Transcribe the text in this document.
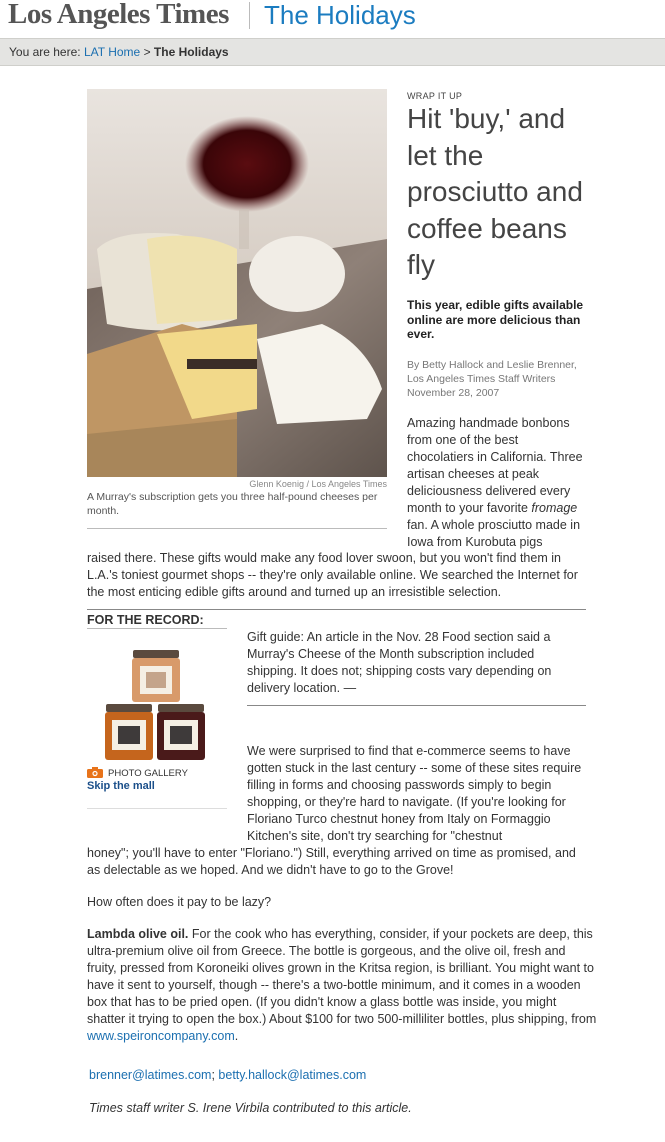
Los Angeles Times The Holidays
You are here: LAT Home > The Holidays
Glenn Koenig / Los Angeles Times
A Murray's subscription gets you three half-pound cheeses per month.
WRAP IT UP
Hit 'buy,' and let the prosciutto and coffee beans fly
This year, edible gifts available online are more delicious than ever.
By Betty Hallock and Leslie Brenner,
Los Angeles Times Staff Writers
November 28, 2007
Amazing handmade bonbons from one of the best chocolatiers in California. Three artisan cheeses at peak deliciousness delivered every month to your favorite fromage fan. A whole prosciutto made in Iowa from Kurobuta pigs
raised there. These gifts would make any food lover swoon, but you won't find them in L.A.'s toniest gourmet shops -- they're only available online. We searched the Internet for the most enticing edible gifts around and turned up an irresistible selection.
FOR THE RECORD:
Gift guide: An article in the Nov. 28 Food section said a Murray's Cheese of the Month subscription included shipping. It does not; shipping costs vary depending on delivery location. —
PHOTO GALLERY
Skip the mall
We were surprised to find that e-commerce seems to have gotten stuck in the last century -- some of these sites require filling in forms and choosing passwords simply to begin shopping, or they're hard to navigate. (If you're looking for Floriano Turco chestnut honey from Italy on Formaggio Kitchen's site, don't try searching for "chestnut
honey"; you'll have to enter "Floriano.") Still, everything arrived on time as promised, and as delectable as we hoped. And we didn't have to go to the Grove!
How often does it pay to be lazy?
Lambda olive oil. For the cook who has everything, consider, if your pockets are deep, this ultra-premium olive oil from Greece. The bottle is gorgeous, and the olive oil, fresh and fruity, pressed from Koroneiki olives grown in the Kritsa region, is brilliant. You might want to have it sent to yourself, though -- there's a two-bottle minimum, and it comes in a wooden box that has to be pried open. (If you didn't know a glass bottle was inside, you might shatter it trying to open the box.) About $100 for two 500-milliliter bottles, plus shipping, from www.speironcompany.com.
brenner@latimes.com; betty.hallock@latimes.com
Times staff writer S. Irene Virbila contributed to this article.
